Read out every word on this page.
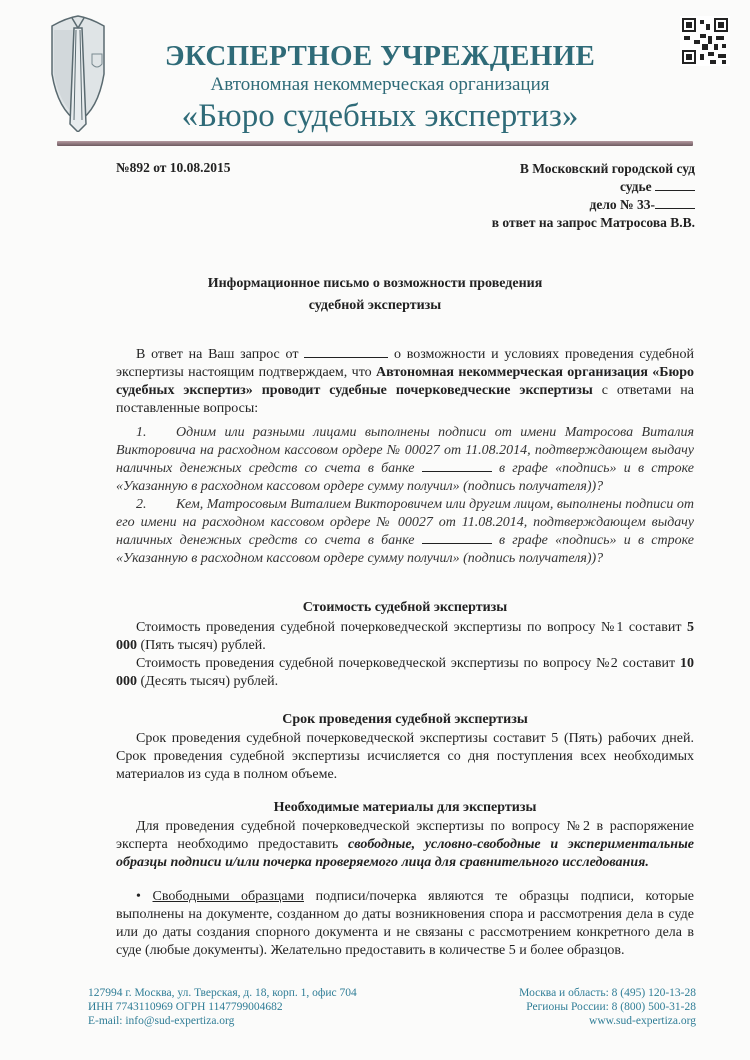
ЭКСПЕРТНОЕ УЧРЕЖДЕНИЕ
Автономная некоммерческая организация
«Бюро судебных экспертиз»
№892 от 10.08.2015	В Московский городской суд
судье
дело № 33-
в ответ на запрос Матросова В.В.
Информационное письмо о возможности проведения
судебной экспертизы
В ответ на Ваш запрос от	о возможности и условиях проведения судебной экспертизы настоящим подтверждаем, что Автономная некоммерческая организация «Бюро судебных экспертиз» проводит судебные почерковедческие экспертизы с ответами на поставленные вопросы:
1. Одним или разными лицами выполнены подписи от имени Матросова Виталия Викторовича на расходном кассовом ордере № 00027 от 11.08.2014, подтверждающем выдачу наличных денежных средств со счета в банке	в графе «подпись» и в строке «Указанную в расходном кассовом ордере сумму получил» (подпись получателя))?
2. Кем, Матросовым Виталием Викторовичем или другим лицом, выполнены подписи от его имени на расходном кассовом ордере № 00027 от 11.08.2014, подтверждающем выдачу наличных денежных средств со счета в банке	в графе «подпись» и в строке «Указанную в расходном кассовом ордере сумму получил» (подпись получателя))?
Стоимость судебной экспертизы
Стоимость проведения судебной почерковедческой экспертизы по вопросу №1 составит 5 000 (Пять тысяч) рублей.
Стоимость проведения судебной почерковедческой экспертизы по вопросу №2 составит 10 000 (Десять тысяч) рублей.
Срок проведения судебной экспертизы
Срок проведения судебной почерковедческой экспертизы составит 5 (Пять) рабочих дней. Срок проведения судебной экспертизы исчисляется со дня поступления всех необходимых материалов из суда в полном объеме.
Необходимые материалы для экспертизы
Для проведения судебной почерковедческой экспертизы по вопросу №2 в распоряжение эксперта необходимо предоставить свободные, условно-свободные и экспериментальные образцы подписи и/или почерка проверяемого лица для сравнительного исследования.
• Свободными образцами подписи/почерка являются те образцы подписи, которые выполнены на документе, созданном до даты возникновения спора и рассмотрения дела в суде или до даты создания спорного документа и не связаны с рассмотрением конкретного дела в суде (любые документы). Желательно предоставить в количестве 5 и более образцов.
127994 г. Москва, ул. Тверская, д. 18, корп. 1, офис 704
ИНН 7743110969 ОГРН 1147799004682
E-mail: info@sud-expertiza.org
Москва и область: 8 (495) 120-13-28
Регионы России: 8 (800) 500-31-28
www.sud-expertiza.org
